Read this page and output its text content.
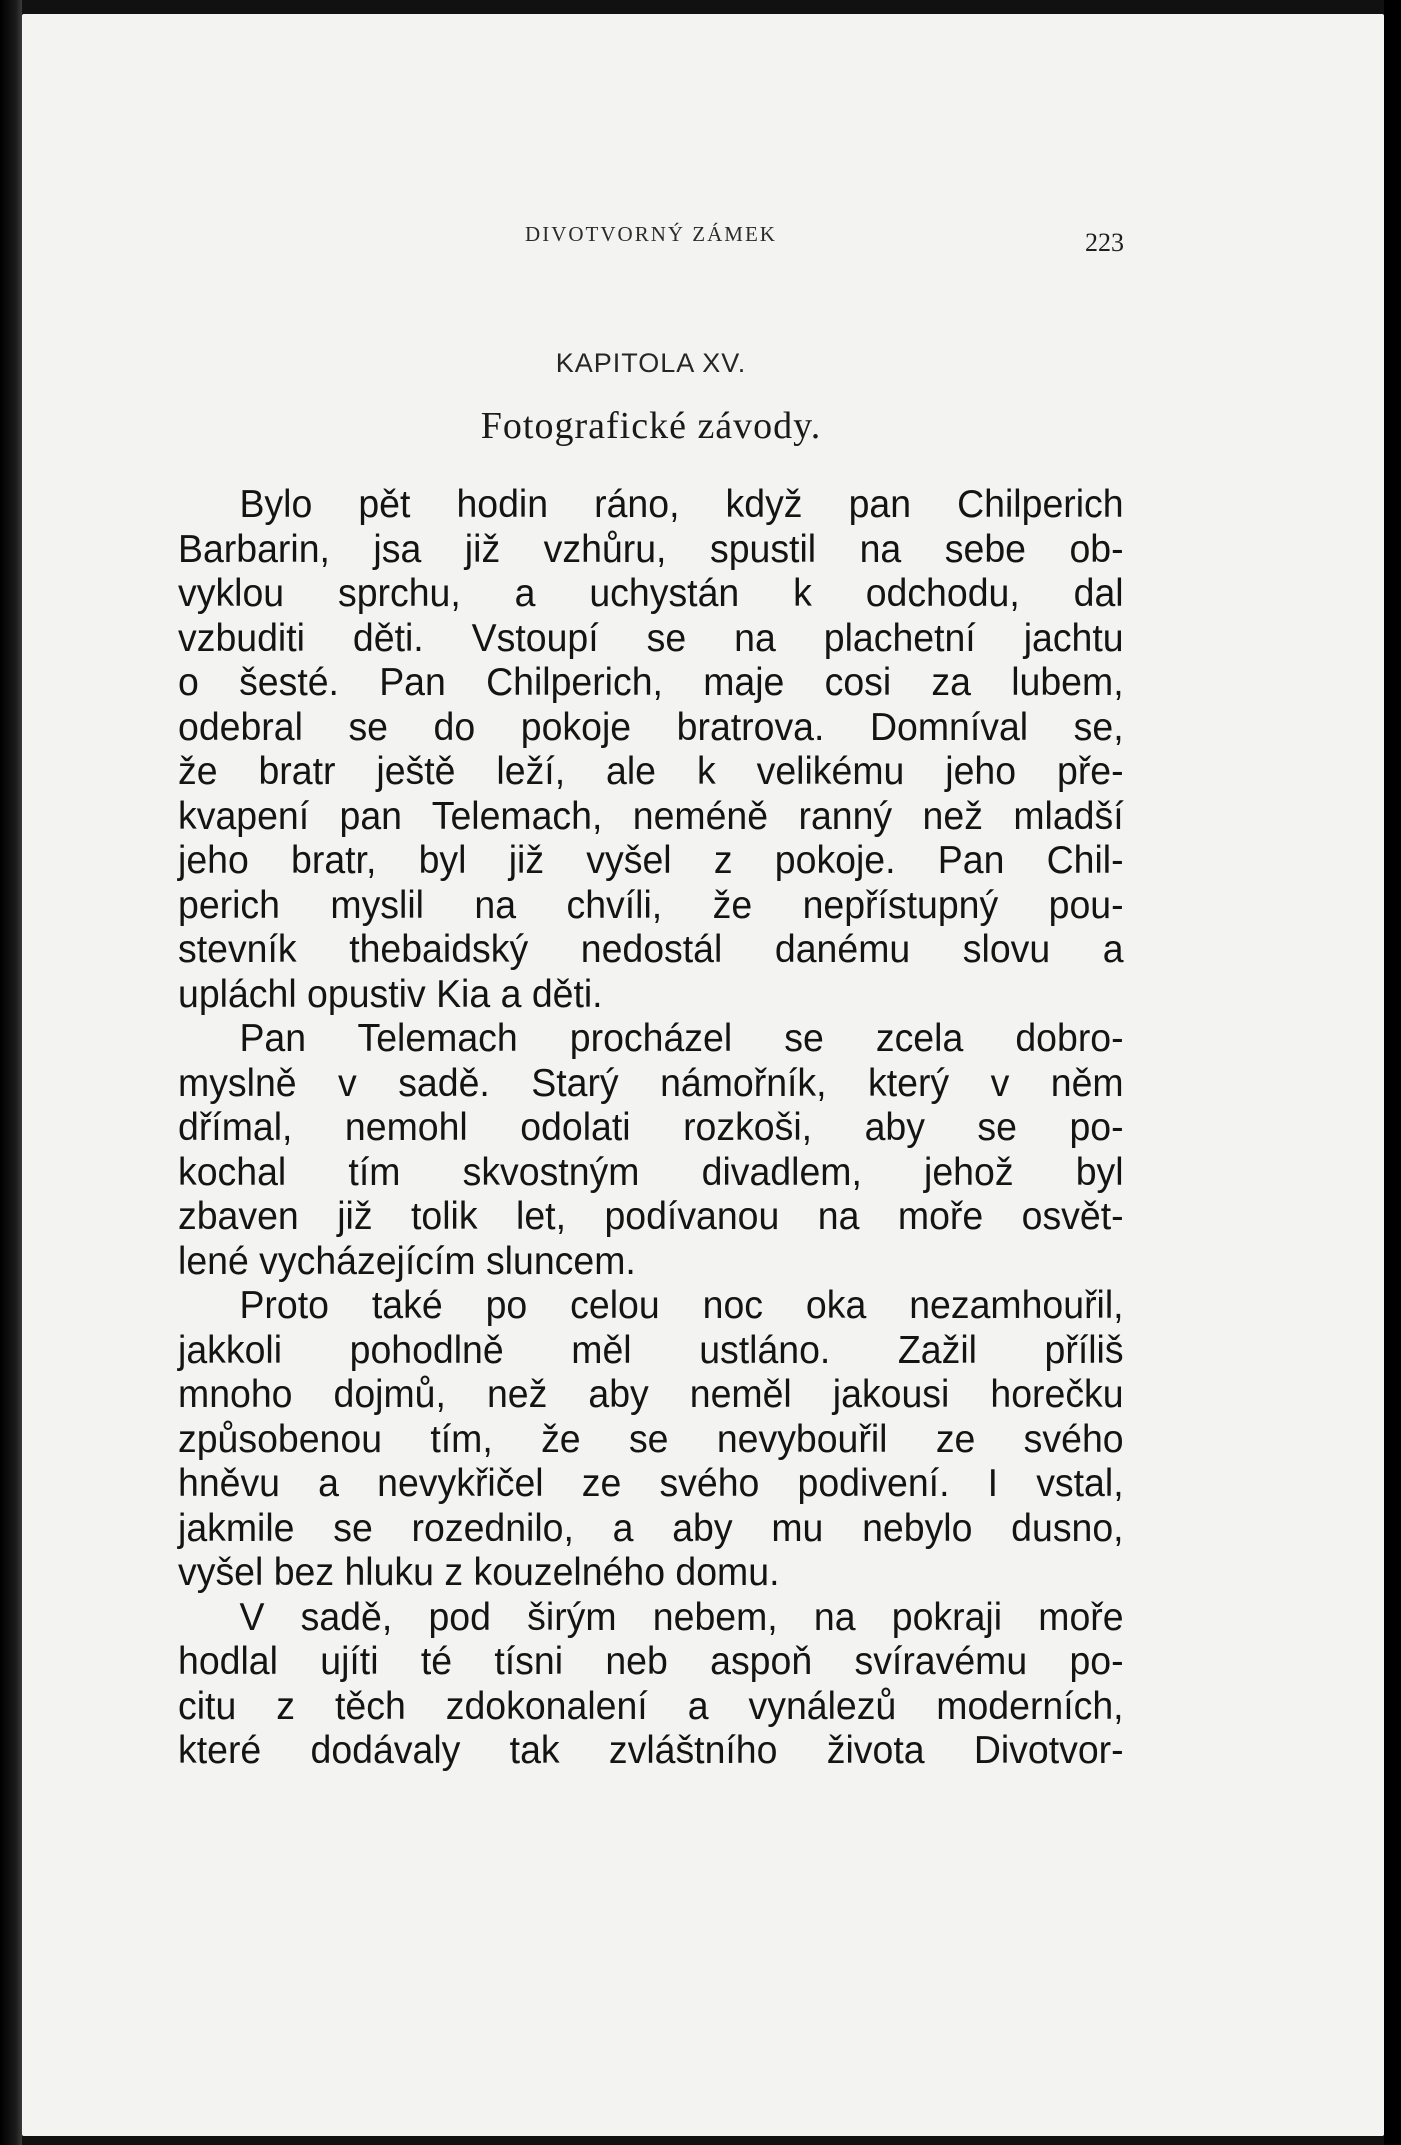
DIVOTVORNÝ ZÁMEK	223
KAPITOLA XV.
Fotografické závody.
Bylo pět hodin ráno, když pan Chilperich
Barbarin, jsa již vzhůru, spustil na sebe ob-
vyklou sprchu, a uchystán k odchodu, dal
vzbuditi děti. Vstoupí se na plachetní jachtu
o šesté. Pan Chilperich, maje cosi za lubem,
odebral se do pokoje bratrova. Domníval se,
že bratr ještě leží, ale k velikému jeho pře-
kvapení pan Telemach, neméně ranný než mladší
jeho bratr, byl již vyšel z pokoje. Pan Chil-
perich myslil na chvíli, že nepřístupný pou-
stevník thebaidský nedostál danému slovu a
upláchl opustiv Kia a děti.
Pan Telemach procházel se zcela dobro-
myslně v sadě. Starý námořník, který v něm
dřímal, nemohl odolati rozkoši, aby se po-
kochal tím skvostným divadlem, jehož byl
zbaven již tolik let, podívanou na moře osvět-
lené vycházejícím sluncem.
Proto také po celou noc oka nezamhouřil,
jakkoli pohodlně měl ustláno. Zažil příliš
mnoho dojmů, než aby neměl jakousi horečku
způsobenou tím, že se nevybouřil ze svého
hněvu a nevykřičel ze svého podivení. I vstal,
jakmile se rozednilo, a aby mu nebylo dusno,
vyšel bez hluku z kouzelného domu.
V sadě, pod širým nebem, na pokraji moře
hodlal ujíti té tísni neb aspoň svíravému po-
citu z těch zdokonalení a vynálezů moderních,
které dodávaly tak zvláštního života Divotvor-
